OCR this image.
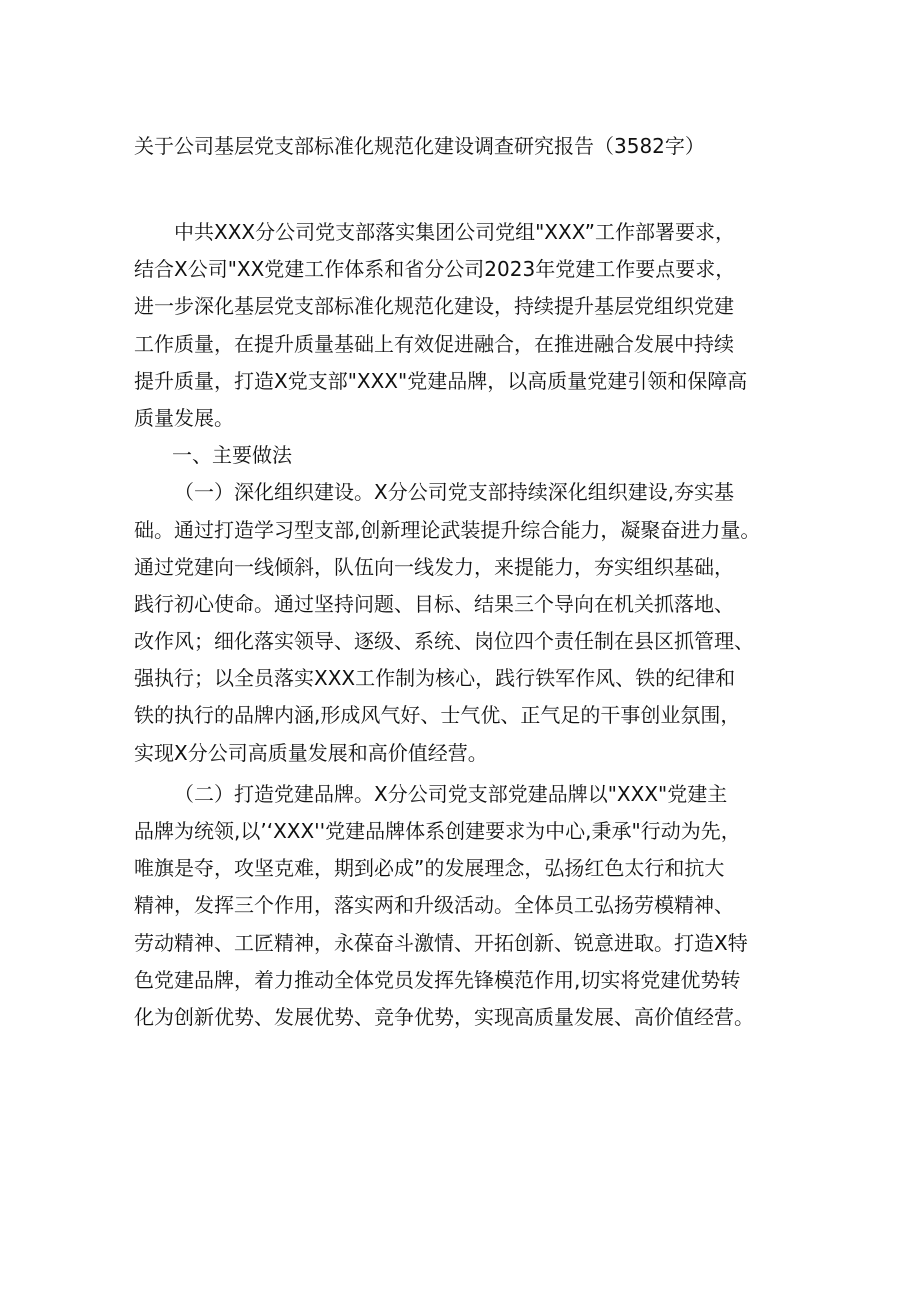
关于公司基层党支部标准化规范化建设调查研究报告（3582字）
中共XXX分公司党支部落实集团公司党组"XXX”工作部署要求，
结合X公司"XX党建工作体系和省分公司2023年党建工作要点要求，
进一步深化基层党支部标准化规范化建设，持续提升基层党组织党建
工作质量，在提升质量基础上有效促进融合，在推进融合发展中持续
提升质量，打造X党支部"XXX"党建品牌，以高质量党建引领和保障高
质量发展。
一、主要做法
（一）深化组织建设。X分公司党支部持续深化组织建设,夯实基
础。通过打造学习型支部,创新理论武装提升综合能力，凝聚奋进力量。
通过党建向一线倾斜，队伍向一线发力，来提能力，夯实组织基础，
践行初心使命。通过坚持问题、目标、结果三个导向在机关抓落地、
改作风；细化落实领导、逐级、系统、岗位四个责任制在县区抓管理、
强执行；以全员落实XXX工作制为核心，践行铁军作风、铁的纪律和
铁的执行的品牌内涵,形成风气好、士气优、正气足的干事创业氛围，
实现X分公司高质量发展和高价值经营。
（二）打造党建品牌。X分公司党支部党建品牌以"XXX"党建主
品牌为统领,以’‘XXX''党建品牌体系创建要求为中心,秉承"行动为先，
唯旗是夺，攻坚克难，期到必成”的发展理念，弘扬红色太行和抗大
精神，发挥三个作用，落实两和升级活动。全体员工弘扬劳模精神、
劳动精神、工匠精神，永葆奋斗激情、开拓创新、锐意进取。打造X特
色党建品牌，着力推动全体党员发挥先锋模范作用,切实将党建优势转
化为创新优势、发展优势、竞争优势，实现高质量发展、高价值经营。
